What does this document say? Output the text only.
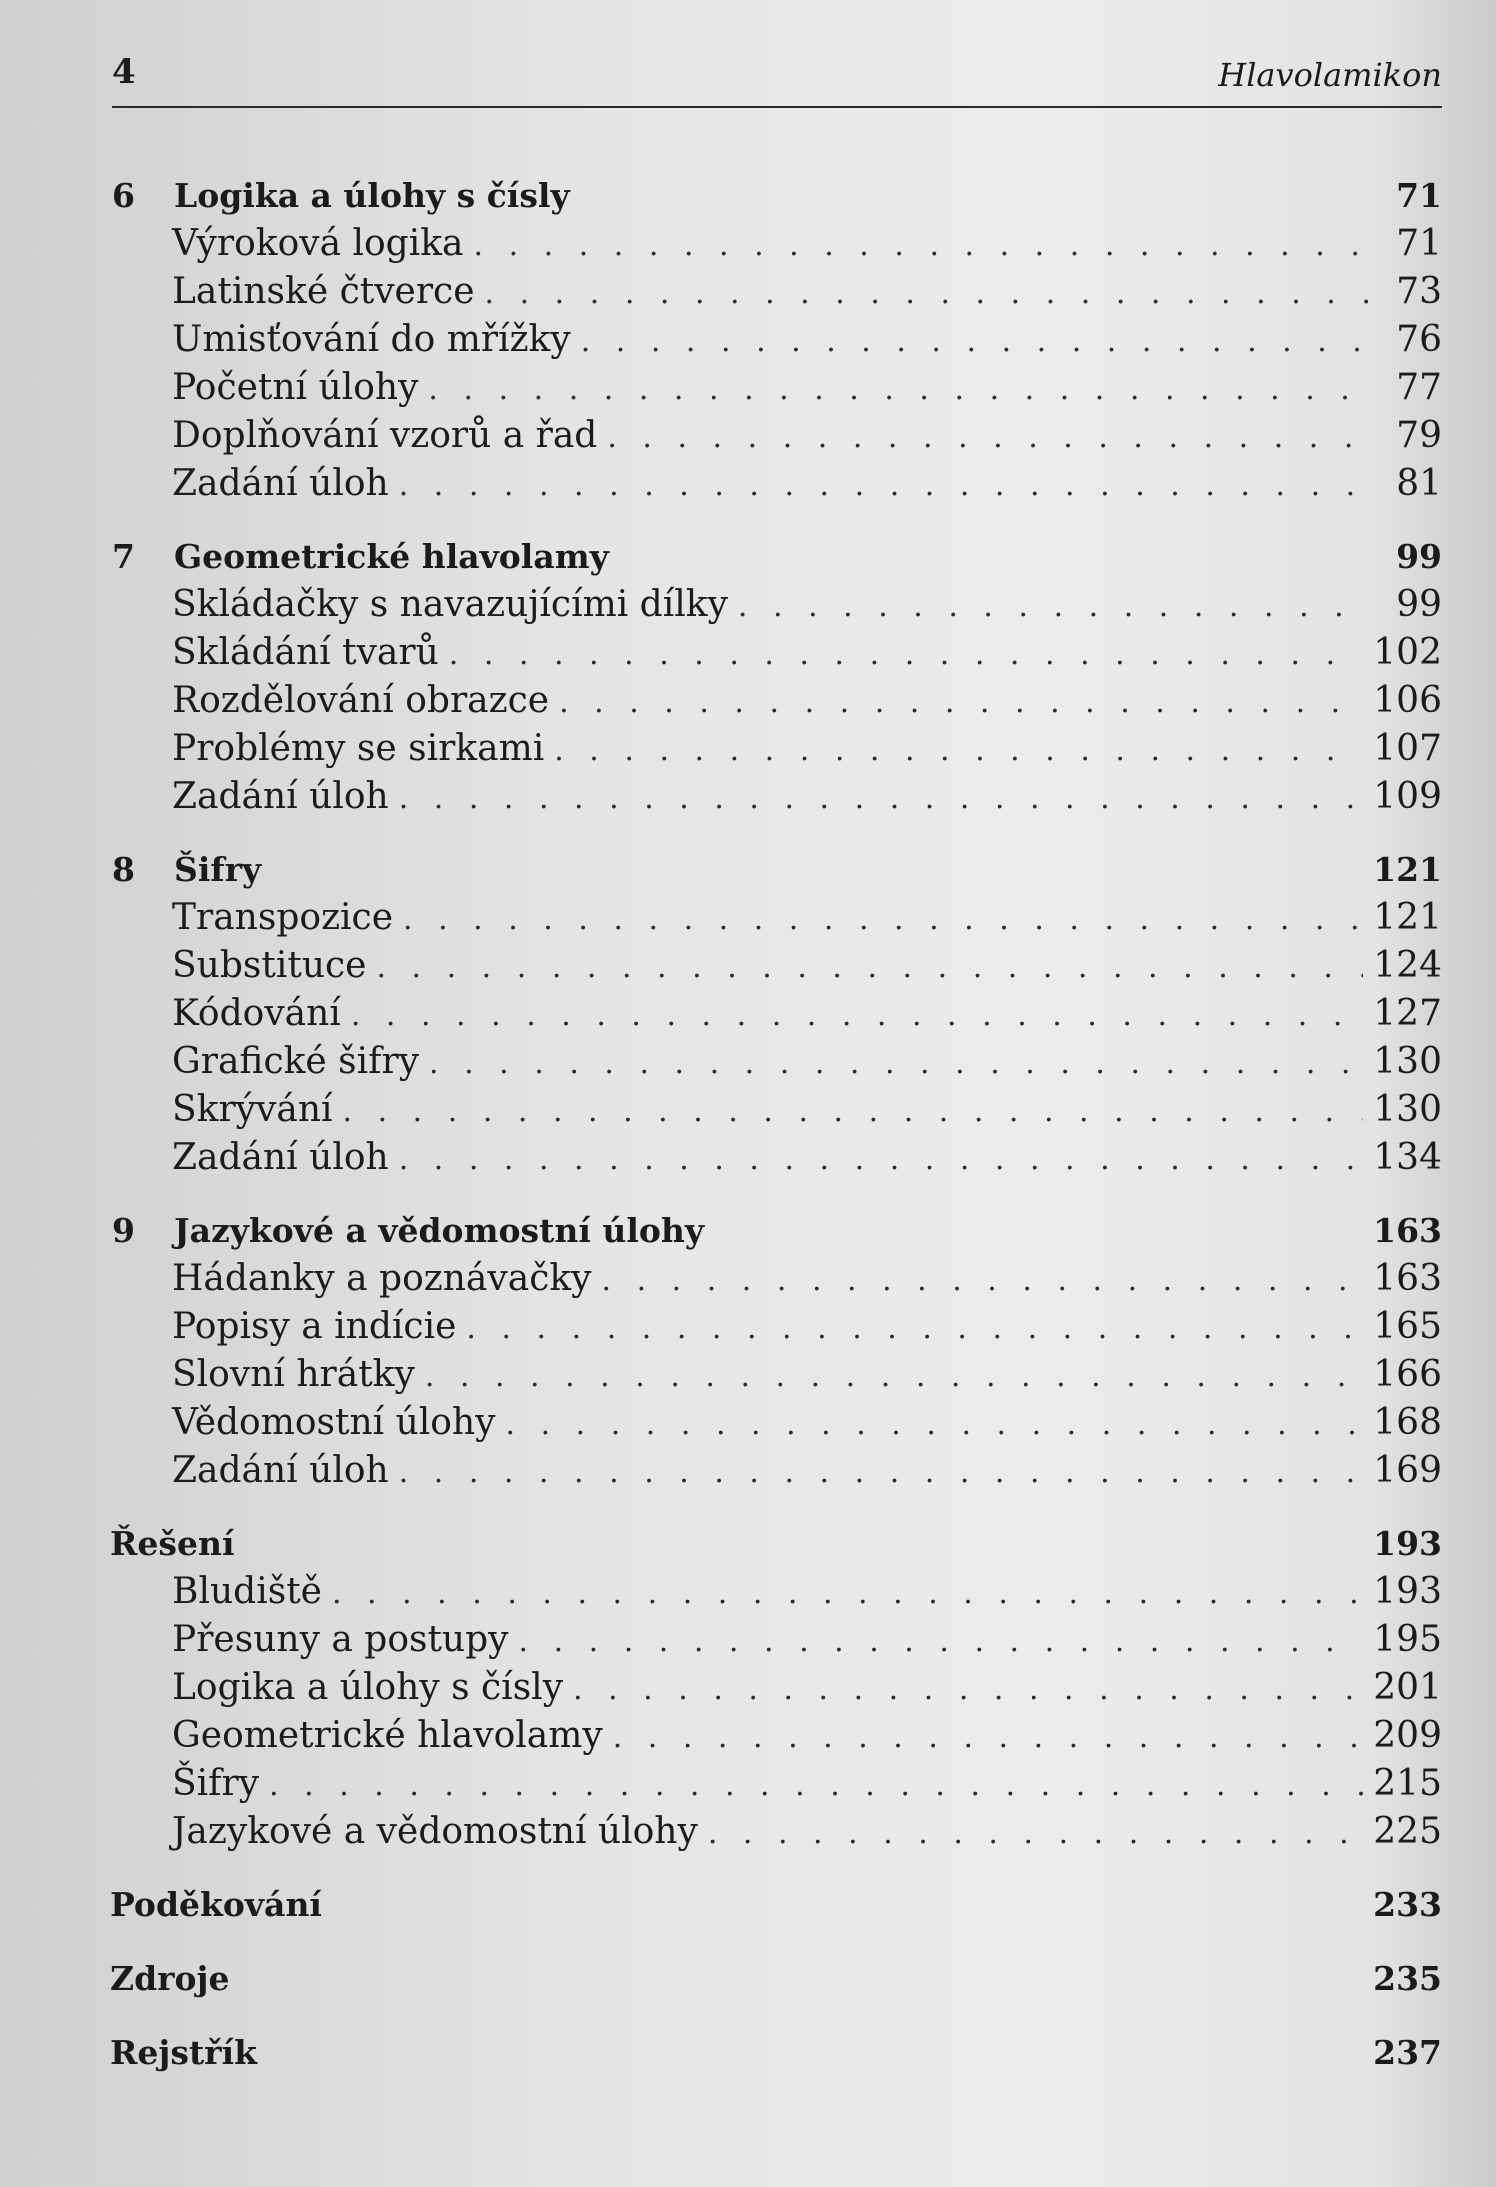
4	Hlavolamikon
6	Logika a úlohy s čísly	71
Výroková logika . . .	71
Latinské čtverce . . .	73
Umisťování do mřížky . . .	76
Početní úlohy . . .	77
Doplňování vzorů a řad . . .	79
Zadání úloh . . .	81
7	Geometrické hlavolamy	99
Skládačky s navazujícími dílky . . .	99
Skládání tvarů . . .	102
Rozdělování obrazce . . .	106
Problémy se sirkami . . .	107
Zadání úloh . . .	109
8	Šifry	121
Transpozice . . .	121
Substituce . . .	124
Kódování . . .	127
Grafické šifry . . .	130
Skrývání . . .	130
Zadání úloh . . .	134
9	Jazykové a vědomostní úlohy	163
Hádanky a poznávačky . . .	163
Popisy a indície . . .	165
Slovní hrátky . . .	166
Vědomostní úlohy . . .	168
Zadání úloh . . .	169
Řešení	193
Bludiště . . .	193
Přesuny a postupy . . .	195
Logika a úlohy s čísly . . .	201
Geometrické hlavolamy . . .	209
Šifry . . .	215
Jazykové a vědomostní úlohy . . .	225
Poděkování	233
Zdroje	235
Rejstřík	237
